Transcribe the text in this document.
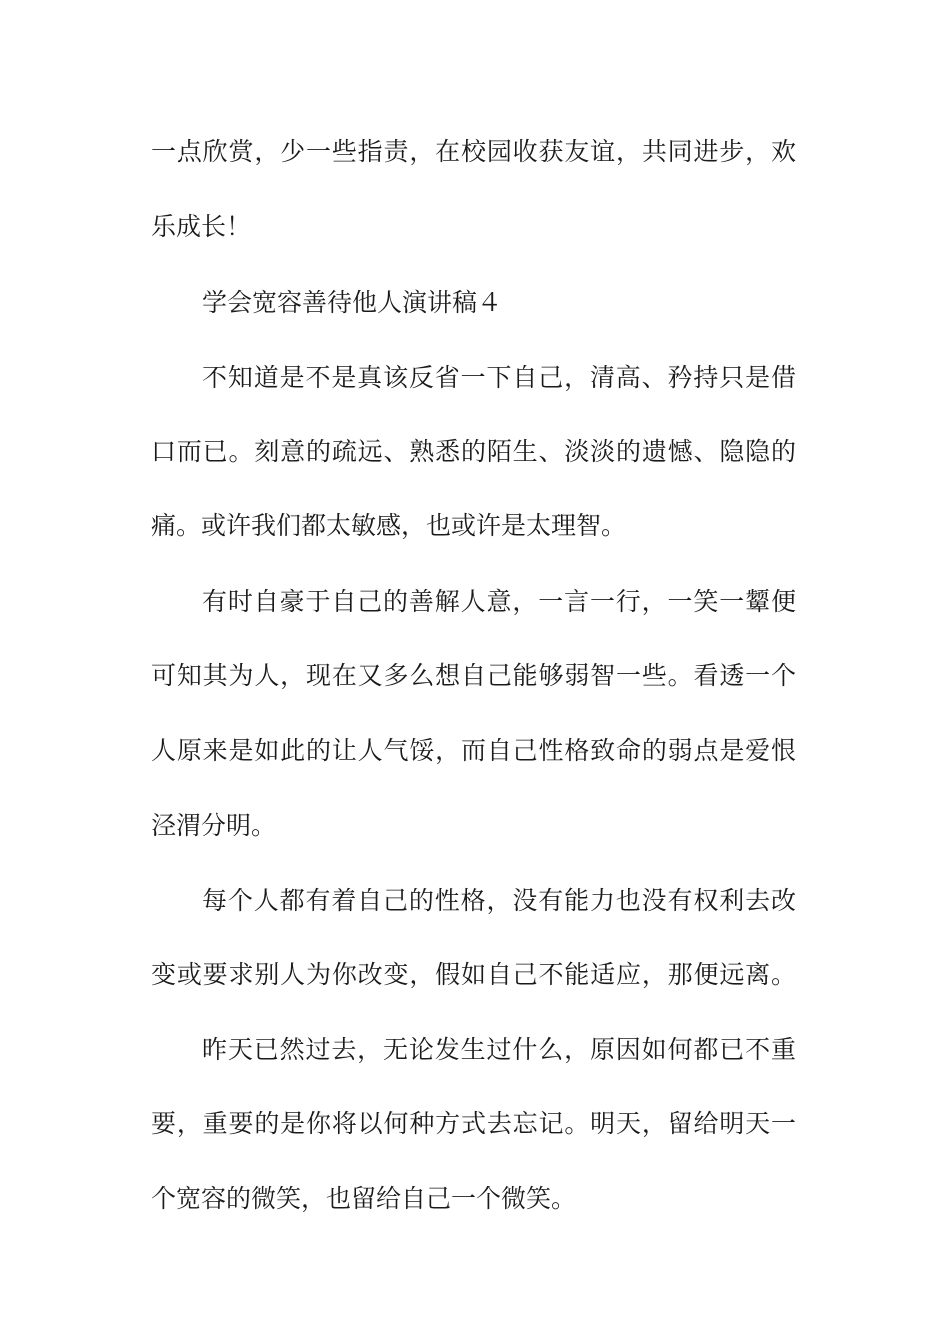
一点欣赏，少一些指责，在校园收获友谊，共同进步，欢
乐成长！
学会宽容善待他人演讲稿４
不知道是不是真该反省一下自己，清高、矜持只是借
口而已。刻意的疏远、熟悉的陌生、淡淡的遗憾、隐隐的
痛。或许我们都太敏感，也或许是太理智。
有时自豪于自己的善解人意，一言一行，一笑一颦便
可知其为人，现在又多么想自己能够弱智一些。看透一个
人原来是如此的让人气馁，而自己性格致命的弱点是爱恨
泾渭分明。
每个人都有着自己的性格，没有能力也没有权利去改
变或要求别人为你改变，假如自己不能适应，那便远离。
昨天已然过去，无论发生过什么，原因如何都已不重
要，重要的是你将以何种方式去忘记。明天，留给明天一
个宽容的微笑，也留给自己一个微笑。
